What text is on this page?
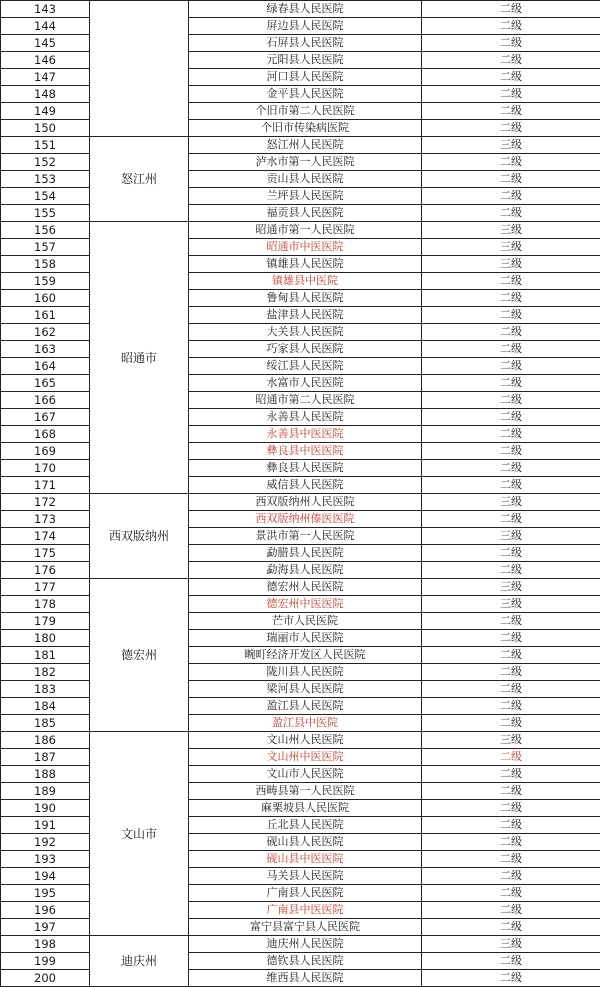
143		绿春县人民医院	二级
144		屏边县人民医院	二级
145		石屏县人民医院	二级
146		元阳县人民医院	二级
147		河口县人民医院	二级
148		金平县人民医院	二级
149		个旧市第二人民医院	二级
150		个旧市传染病医院	二级
151	怒江州	怒江州人民医院	三级
152		泸水市第一人民医院	二级
153		贡山县人民医院	二级
154		兰坪县人民医院	二级
155		福贡县人民医院	二级
156	昭通市	昭通市第一人民医院	三级
157		昭通市中医医院	三级
158		镇雄县人民医院	三级
159		镇雄县中医院	二级
160		鲁甸县人民医院	二级
161		盐津县人民医院	二级
162		大关县人民医院	二级
163		巧家县人民医院	二级
164		绥江县人民医院	二级
165		水富市人民医院	二级
166		昭通市第二人民医院	二级
167		永善县人民医院	二级
168		永善县中医医院	二级
169		彝良县中医医院	二级
170		彝良县人民医院	二级
171		威信县人民医院	二级
172	西双版纳州	西双版纳州人民医院	三级
173		西双版纳州傣医医院	二级
174		景洪市第一人民医院	三级
175		勐腊县人民医院	二级
176		勐海县人民医院	二级
177	德宏州	德宏州人民医院	三级
178		德宏州中医医院	三级
179		芒市人民医院	二级
180		瑞丽市人民医院	二级
181		畹町经济开发区人民医院	二级
182		陇川县人民医院	二级
183		梁河县人民医院	二级
184		盈江县人民医院	二级
185		盈江县中医院	二级
186	文山市	文山州人民医院	三级
187		文山州中医医院	二级
188		文山市人民医院	二级
189		西畴县第一人民医院	二级
190		麻栗坡县人民医院	二级
191		丘北县人民医院	二级
192		砚山县人民医院	二级
193		砚山县中医医院	二级
194		马关县人民医院	二级
195		广南县人民医院	二级
196		广南县中医医院	二级
197		富宁县富宁县人民医院	二级
198	迪庆州	迪庆州人民医院	三级
199		德钦县人民医院	二级
200		维西县人民医院	二级
